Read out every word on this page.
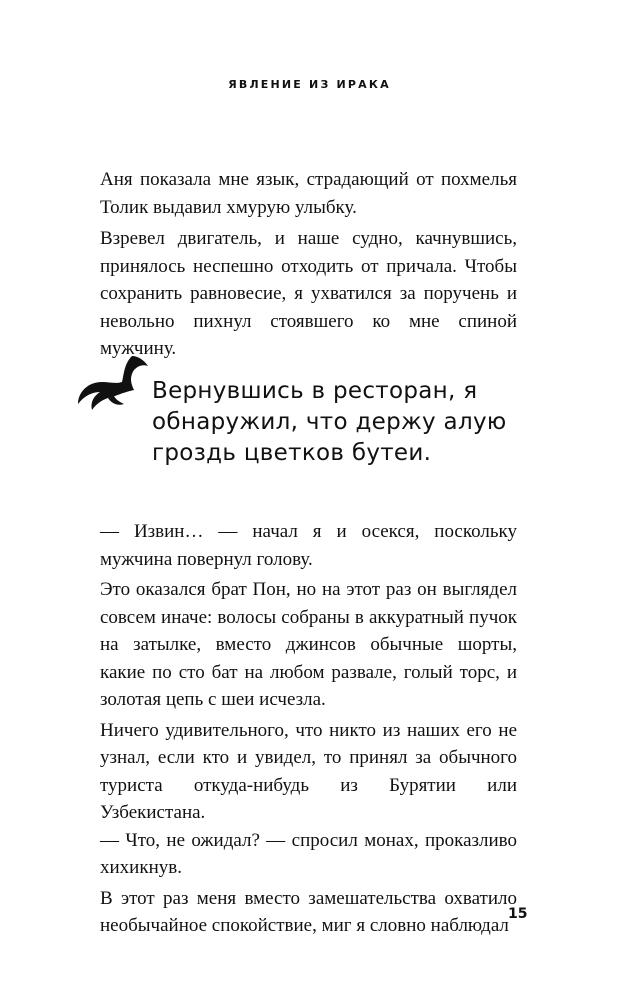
ЯВЛЕНИЕ ИЗ ИРАКА

Аня показала мне язык, страдающий от похмелья Толик выдавил хмурую улыбку.

Взревел двигатель, и наше судно, качнувшись, принялось неспешно отходить от причала. Чтобы сохранить равновесие, я ухватился за поручень и невольно пихнул стоявшего ко мне спиной мужчину.

Вернувшись в ресторан, я
обнаружил, что держу алую
гроздь цветков бутеи.

— Извин… — начал я и осекся, поскольку мужчина повернул голову.

Это оказался брат Пон, но на этот раз он выглядел совсем иначе: волосы собраны в аккуратный пучок на затылке, вместо джинсов обычные шорты, какие по сто бат на любом развале, голый торс, и золотая цепь с шеи исчезла.

Ничего удивительного, что никто из наших его не узнал, если кто и увидел, то принял за обычного туриста откуда-нибудь из Бурятии или Узбекистана.

— Что, не ожидал? — спросил монах, проказливо хихикнув.

В этот раз меня вместо замешательства охватило необычайное спокойствие, миг я словно наблюдал

15
